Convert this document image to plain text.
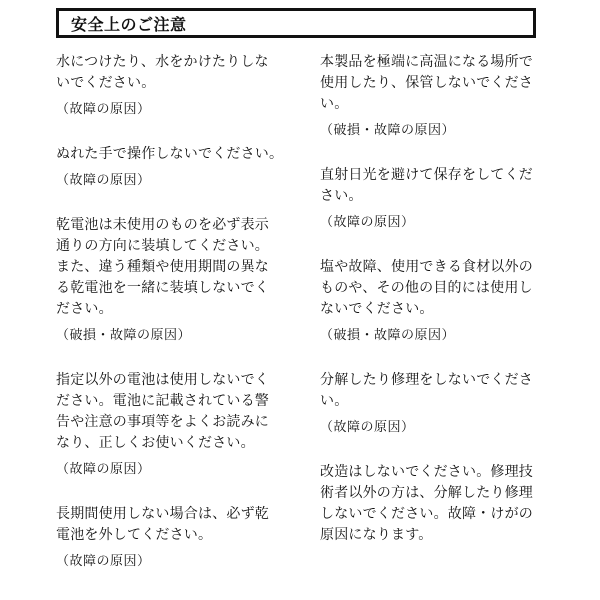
安全上のご注意
水につけたり、水をかけたりしな
いでください。
（故障の原因）
ぬれた手で操作しないでください。
（故障の原因）
乾電池は未使用のものを必ず表示
通りの方向に装填してください。
また、違う種類や使用期間の異な
る乾電池を一緒に装填しないでく
ださい。
（破損・故障の原因）
指定以外の電池は使用しないでく
ださい。電池に記載されている警
告や注意の事項等をよくお読みに
なり、正しくお使いください。
（故障の原因）
長期間使用しない場合は、必ず乾
電池を外してください。
（故障の原因）
本製品を極端に高温になる場所で
使用したり、保管しないでくださ
い。
（破損・故障の原因）
直射日光を避けて保存をしてくだ
さい。
（故障の原因）
塩や故障、使用できる食材以外の
ものや、その他の目的には使用し
ないでください。
（破損・故障の原因）
分解したり修理をしないでください。
（故障の原因）
改造はしないでください。修理技
術者以外の方は、分解したり修理
しないでください。故障・けがの
原因になります。
